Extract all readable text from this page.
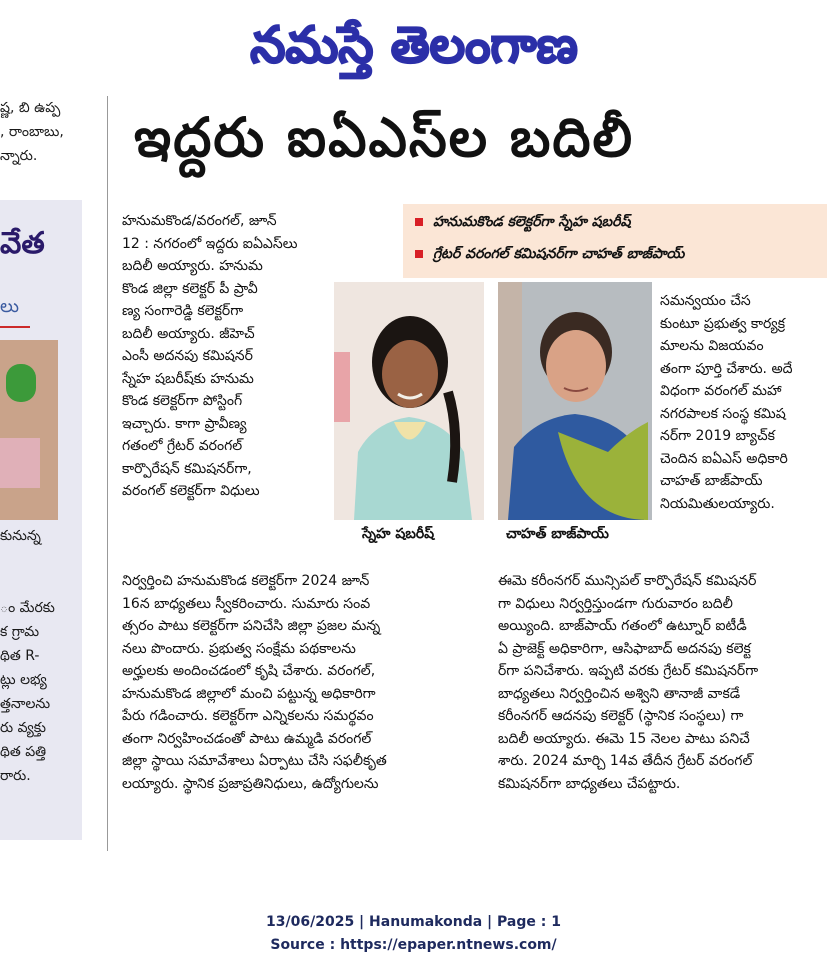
నమస్తే తెలంగాణ
ష్ణ, బి ఉప్ప
, రాంబాబు,
న్నారు.
వేత
లు
కునున్న
ం మేరకు
క గ్రామ
థిత R-
ట్లు లభ్య
త్తనాలను
రు వ్యక్తు
థిత పత్తి
రారు.
ఇద్దరు ఐఏఎస్‌ల బదిలీ
హనుమకొండ కలెక్టర్‌గా స్నేహ షబరీష్
గ్రేటర్ వరంగల్ కమిషనర్‌గా చాహత్ బాజ్‌పాయ్
హనుమకొండ/వరంగల్, జూన్
12 : నగరంలో ఇద్దరు ఐఏఎస్‌లు
బదిలీ అయ్యారు. హనుమ
కొండ జిల్లా కలెక్టర్ పీ ప్రావీ
ణ్య సంగారెడ్డి కలెక్టర్‌గా
బదిలీ అయ్యారు. జీహెచ్
ఎంసీ అదనపు కమిషనర్
స్నేహ షబరీష్‌కు హనుమ
కొండ కలెక్టర్‌గా పోస్టింగ్
ఇచ్చారు. కాగా ప్రావీణ్య
గతంలో గ్రేటర్ వరంగల్
కార్పొరేషన్ కమిషనర్‌గా,
వరంగల్ కలెక్టర్‌గా విధులు
నిర్వర్తించి హనుమకొండ కలెక్టర్‌గా 2024 జూన్
16న బాధ్యతలు స్వీకరించారు. సుమారు సంవ
త్సరం పాటు కలెక్టర్‌గా పనిచేసి జిల్లా ప్రజల మన్న
నలు పొందారు. ప్రభుత్వ సంక్షేమ పథకాలను
అర్హులకు అందించడంలో కృషి చేశారు. వరంగల్,
హనుమకొండ జిల్లాలో మంచి పట్టున్న అధికారిగా
పేరు గడించారు. కలెక్టర్‌గా ఎన్నికలను సమర్థవం
తంగా నిర్వహించడంతో పాటు ఉమ్మడి వరంగల్
జిల్లా స్థాయి సమావేశాలు ఏర్పాటు చేసి సఫలీకృత
లయ్యారు. స్థానిక ప్రజాప్రతినిధులు, ఉద్యోగులను
స్నేహ షబరీష్	చాహత్ బాజ్‌పాయ్
సమన్వయం చేస
కుంటూ ప్రభుత్వ కార్యక్ర
మాలను విజయవం
తంగా పూర్తి చేశారు. అదే
విధంగా వరంగల్ మహా
నగరపాలక సంస్థ కమిష
నర్‌గా 2019 బ్యాచ్‌క
చెందిన ఐఏఎస్ అధికారి
చాహత్ బాజ్‌పాయ్
నియమితులయ్యారు.
ఈమె కరీంనగర్ మున్సిపల్ కార్పొరేషన్ కమిషనర్
గా విధులు నిర్వర్తిస్తుండగా గురువారం బదిలీ
అయ్యింది. బాజ్‌పాయ్ గతంలో ఉట్నూర్ ఐటీడీ
ఏ ప్రాజెక్ట్ అధికారిగా, ఆసిఫాబాద్ అదనపు కలెక్ట
ర్‌గా పనిచేశారు. ఇప్పటి వరకు గ్రేటర్ కమిషనర్‌గా
బాధ్యతలు నిర్వర్తించిన అశ్విని తానాజీ వాకడే
కరీంనగర్ ఆదనపు కలెక్టర్ (స్థానిక సంస్థలు) గా
బదిలీ అయ్యారు. ఈమె 15 నెలల పాటు పనిచే
శారు. 2024 మార్చి 14వ తేదీన గ్రేటర్ వరంగల్
కమిషనర్‌గా బాధ్యతలు చేపట్టారు.
13/06/2025 | Hanumakonda | Page : 1
Source : https://epaper.ntnews.com/
